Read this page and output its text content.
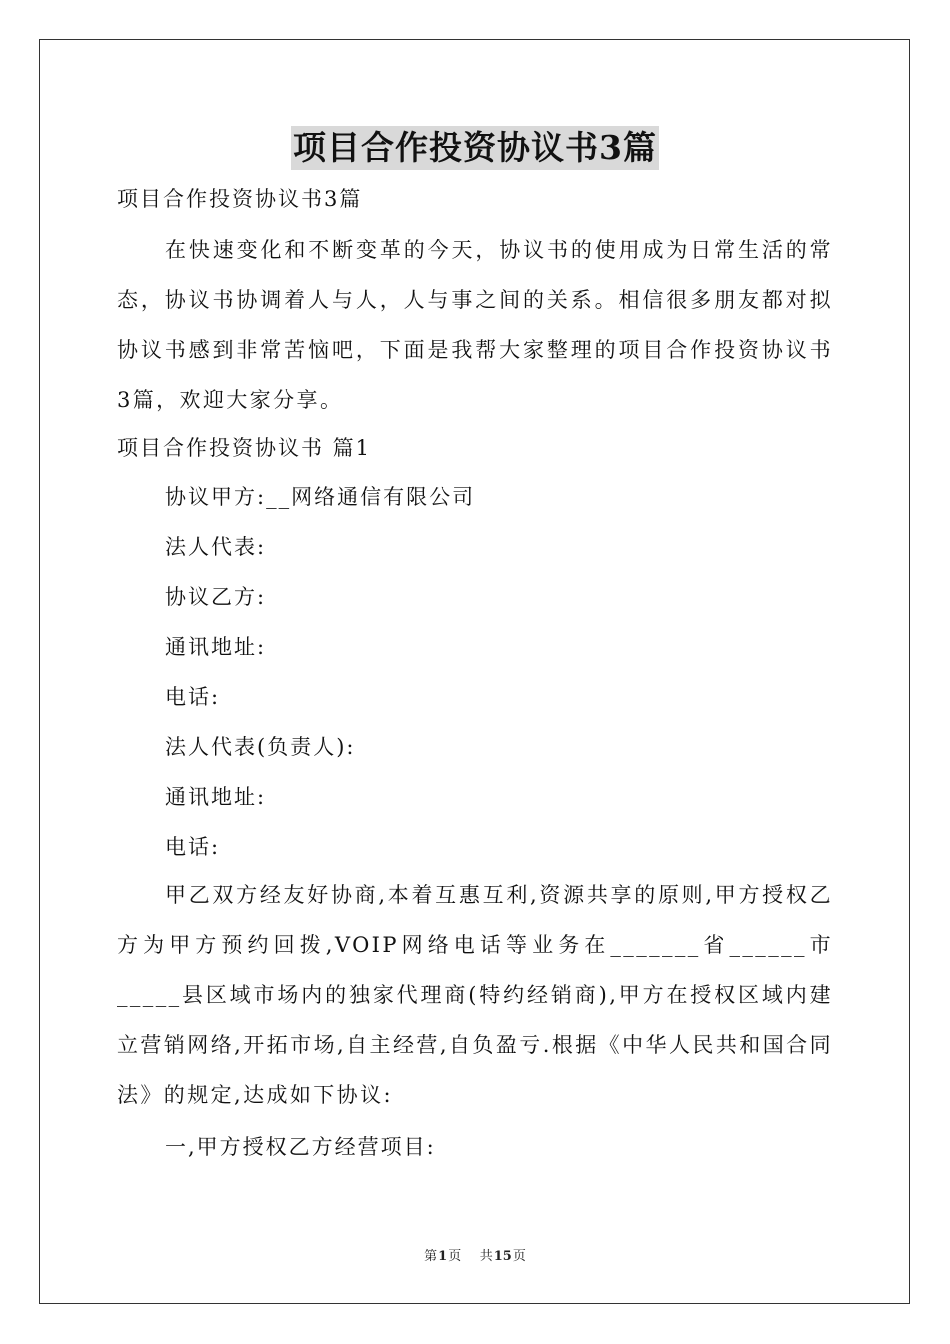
项目合作投资协议书3篇

项目合作投资协议书3篇

在快速变化和不断变革的今天，协议书的使用成为日常生活的常态，协议书协调着人与人，人与事之间的关系。相信很多朋友都对拟协议书感到非常苦恼吧，下面是我帮大家整理的项目合作投资协议书3篇，欢迎大家分享。

项目合作投资协议书 篇1

协议甲方:__网络通信有限公司

法人代表:

协议乙方:

通讯地址:

电话:

法人代表(负责人):

通讯地址:

电话:

甲乙双方经友好协商,本着互惠互利,资源共享的原则,甲方授权乙方为甲方预约回拨,VOIP网络电话等业务在_______省______市_____县区域市场内的独家代理商(特约经销商),甲方在授权区域内建立营销网络,开拓市场,自主经营,自负盈亏.根据《中华人民共和国合同法》的规定,达成如下协议:

一,甲方授权乙方经营项目:

第1页 共15页
